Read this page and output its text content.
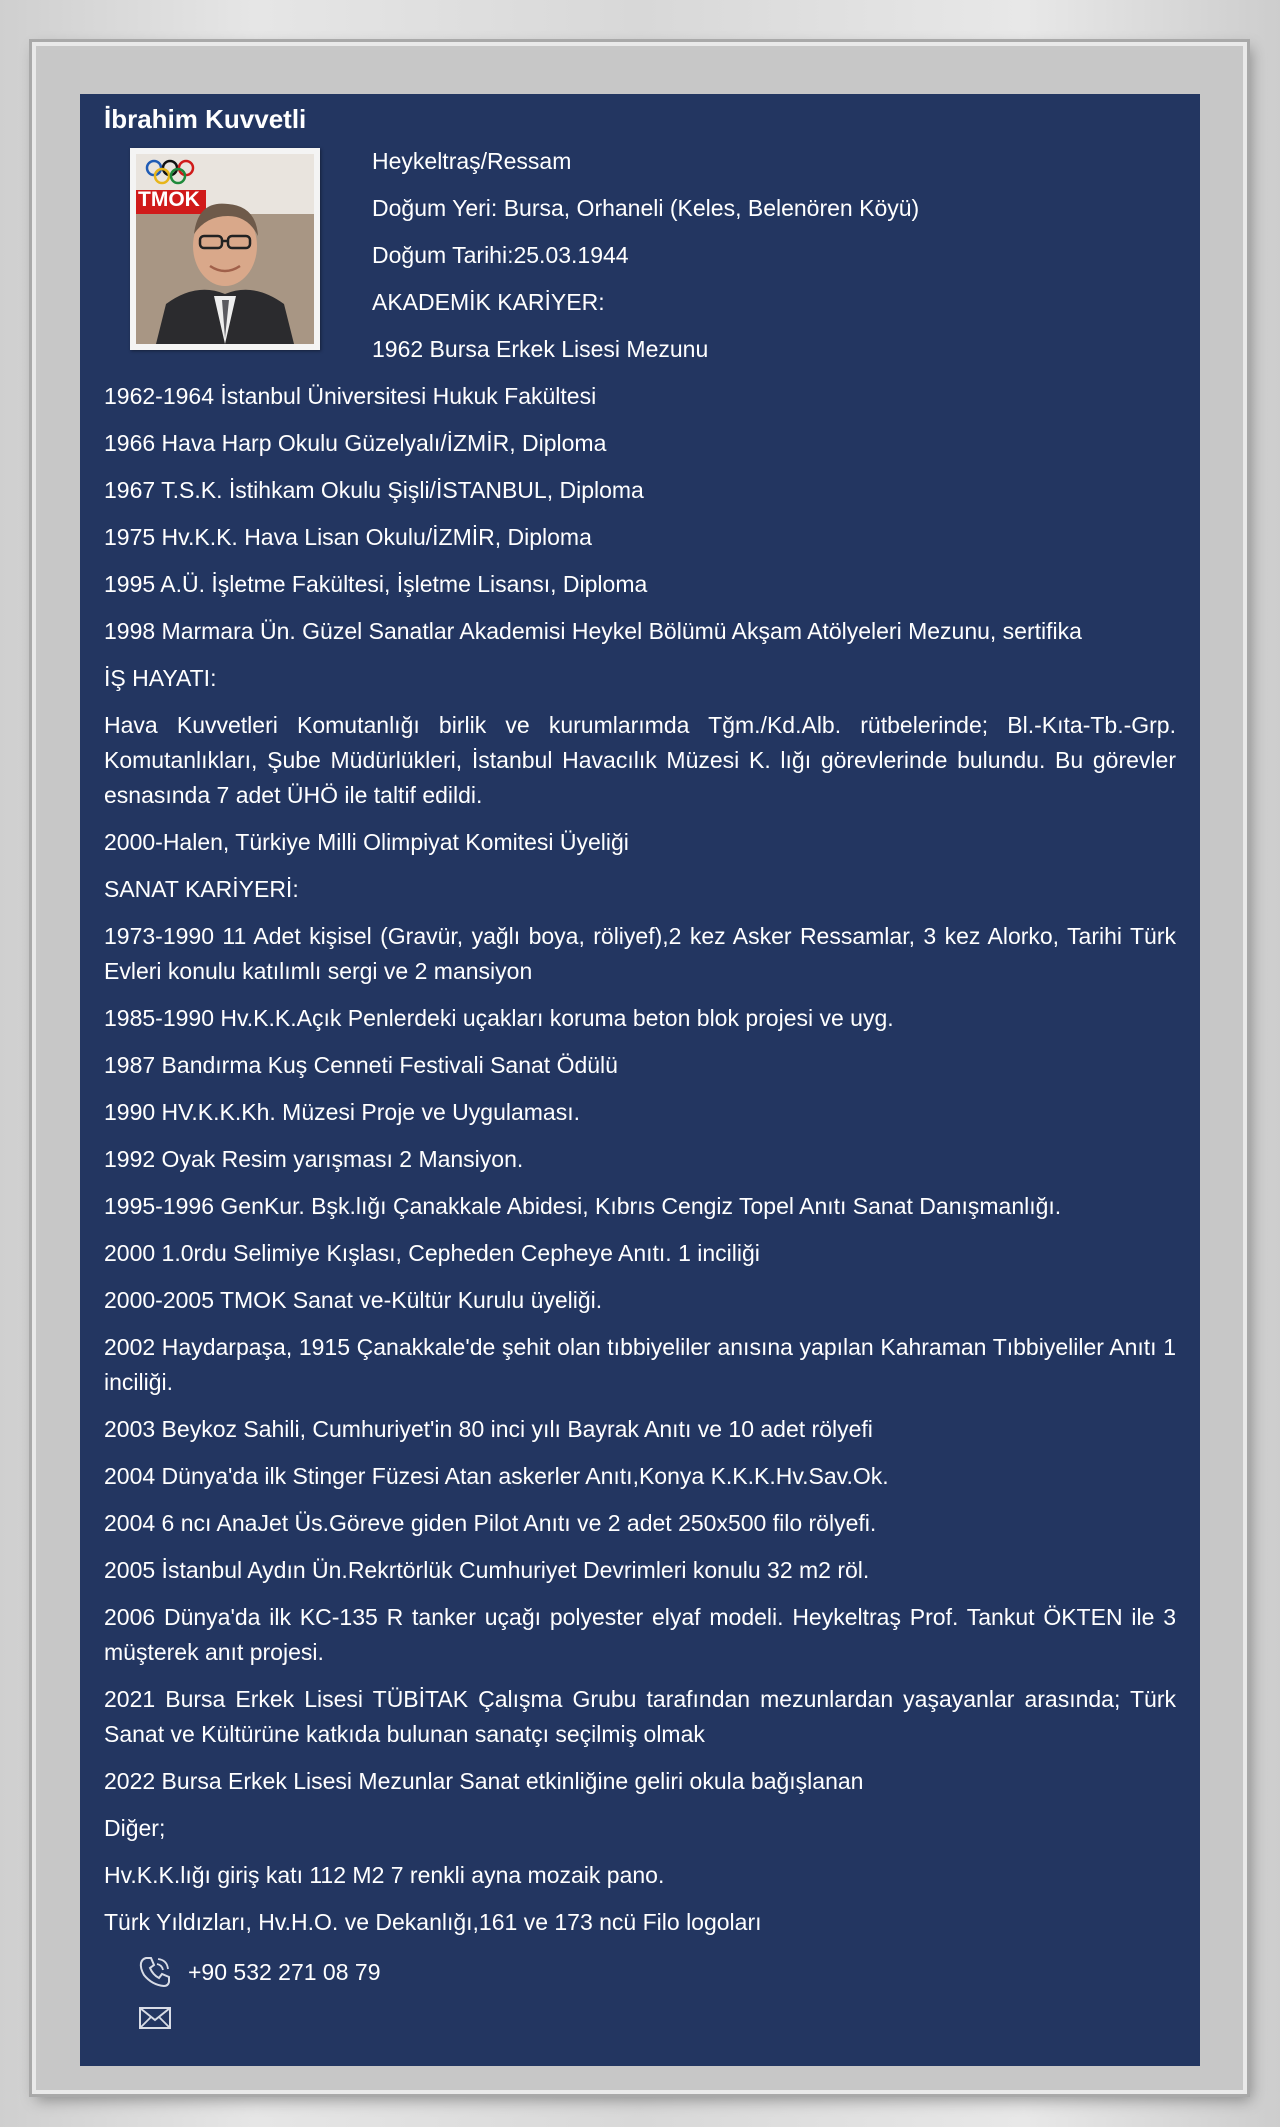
İbrahim Kuvvetli
TMOK

Heykeltraş/Ressam

Doğum Yeri: Bursa, Orhaneli (Keles, Belenören Köyü)

Doğum Tarihi:25.03.1944

AKADEMİK KARİYER:

1962 Bursa Erkek Lisesi Mezunu

1962-1964 İstanbul Üniversitesi Hukuk Fakültesi

1966 Hava Harp Okulu Güzelyalı/İZMİR, Diploma

1967 T.S.K. İstihkam Okulu Şişli/İSTANBUL, Diploma

1975 Hv.K.K. Hava Lisan Okulu/İZMİR, Diploma

1995 A.Ü. İşletme Fakültesi, İşletme Lisansı, Diploma

1998 Marmara Ün. Güzel Sanatlar Akademisi Heykel Bölümü Akşam Atölyeleri Mezunu, sertifika

İŞ HAYATI:

Hava Kuvvetleri Komutanlığı birlik ve kurumlarımda Tğm./Kd.Alb. rütbelerinde; Bl.-Kıta-Tb.-Grp. Komutanlıkları, Şube Müdürlükleri, İstanbul Havacılık Müzesi K. lığı görevlerinde bulundu. Bu görevler esnasında 7 adet ÜHÖ ile taltif edildi.

2000-Halen, Türkiye Milli Olimpiyat Komitesi Üyeliği

SANAT KARİYERİ:

1973-1990 11 Adet kişisel (Gravür, yağlı boya, röliyef),2 kez Asker Ressamlar, 3 kez Alorko, Tarihi Türk Evleri konulu katılımlı sergi ve 2 mansiyon

1985-1990 Hv.K.K.Açık Penlerdeki uçakları koruma beton blok projesi ve uyg.

1987 Bandırma Kuş Cenneti Festivali Sanat Ödülü

1990 HV.K.K.Kh. Müzesi Proje ve Uygulaması.

1992 Oyak Resim yarışması 2 Mansiyon.

1995-1996 GenKur. Bşk.lığı Çanakkale Abidesi, Kıbrıs Cengiz Topel Anıtı Sanat Danışmanlığı.

2000 1.0rdu Selimiye Kışlası, Cepheden Cepheye Anıtı. 1 inciliği

2000-2005 TMOK Sanat ve-Kültür Kurulu üyeliği.

2002 Haydarpaşa, 1915 Çanakkale'de şehit olan tıbbiyeliler anısına yapılan Kahraman Tıbbiyeliler Anıtı 1 inciliği.

2003 Beykoz Sahili, Cumhuriyet'in 80 inci yılı Bayrak Anıtı ve 10 adet rölyefi

2004 Dünya'da ilk Stinger Füzesi Atan askerler Anıtı,Konya K.K.K.Hv.Sav.Ok.

2004 6 ncı AnaJet Üs.Göreve giden Pilot Anıtı ve 2 adet 250x500 filo rölyefi.

2005 İstanbul Aydın Ün.Rekrtörlük Cumhuriyet Devrimleri konulu 32 m2 röl.

2006 Dünya'da ilk KC-135 R tanker uçağı polyester elyaf modeli. Heykeltraş Prof. Tankut ÖKTEN ile 3 müşterek anıt projesi.

2021 Bursa Erkek Lisesi TÜBİTAK Çalışma Grubu tarafından mezunlardan yaşayanlar arasında; Türk Sanat ve Kültürüne katkıda bulunan sanatçı seçilmiş olmak

2022 Bursa Erkek Lisesi Mezunlar Sanat etkinliğine geliri okula bağışlanan

Diğer;

Hv.K.K.lığı giriş katı 112 M2 7 renkli ayna mozaik pano.

Türk Yıldızları, Hv.H.O. ve Dekanlığı,161 ve 173 ncü Filo logoları

+90 532 271 08 79
